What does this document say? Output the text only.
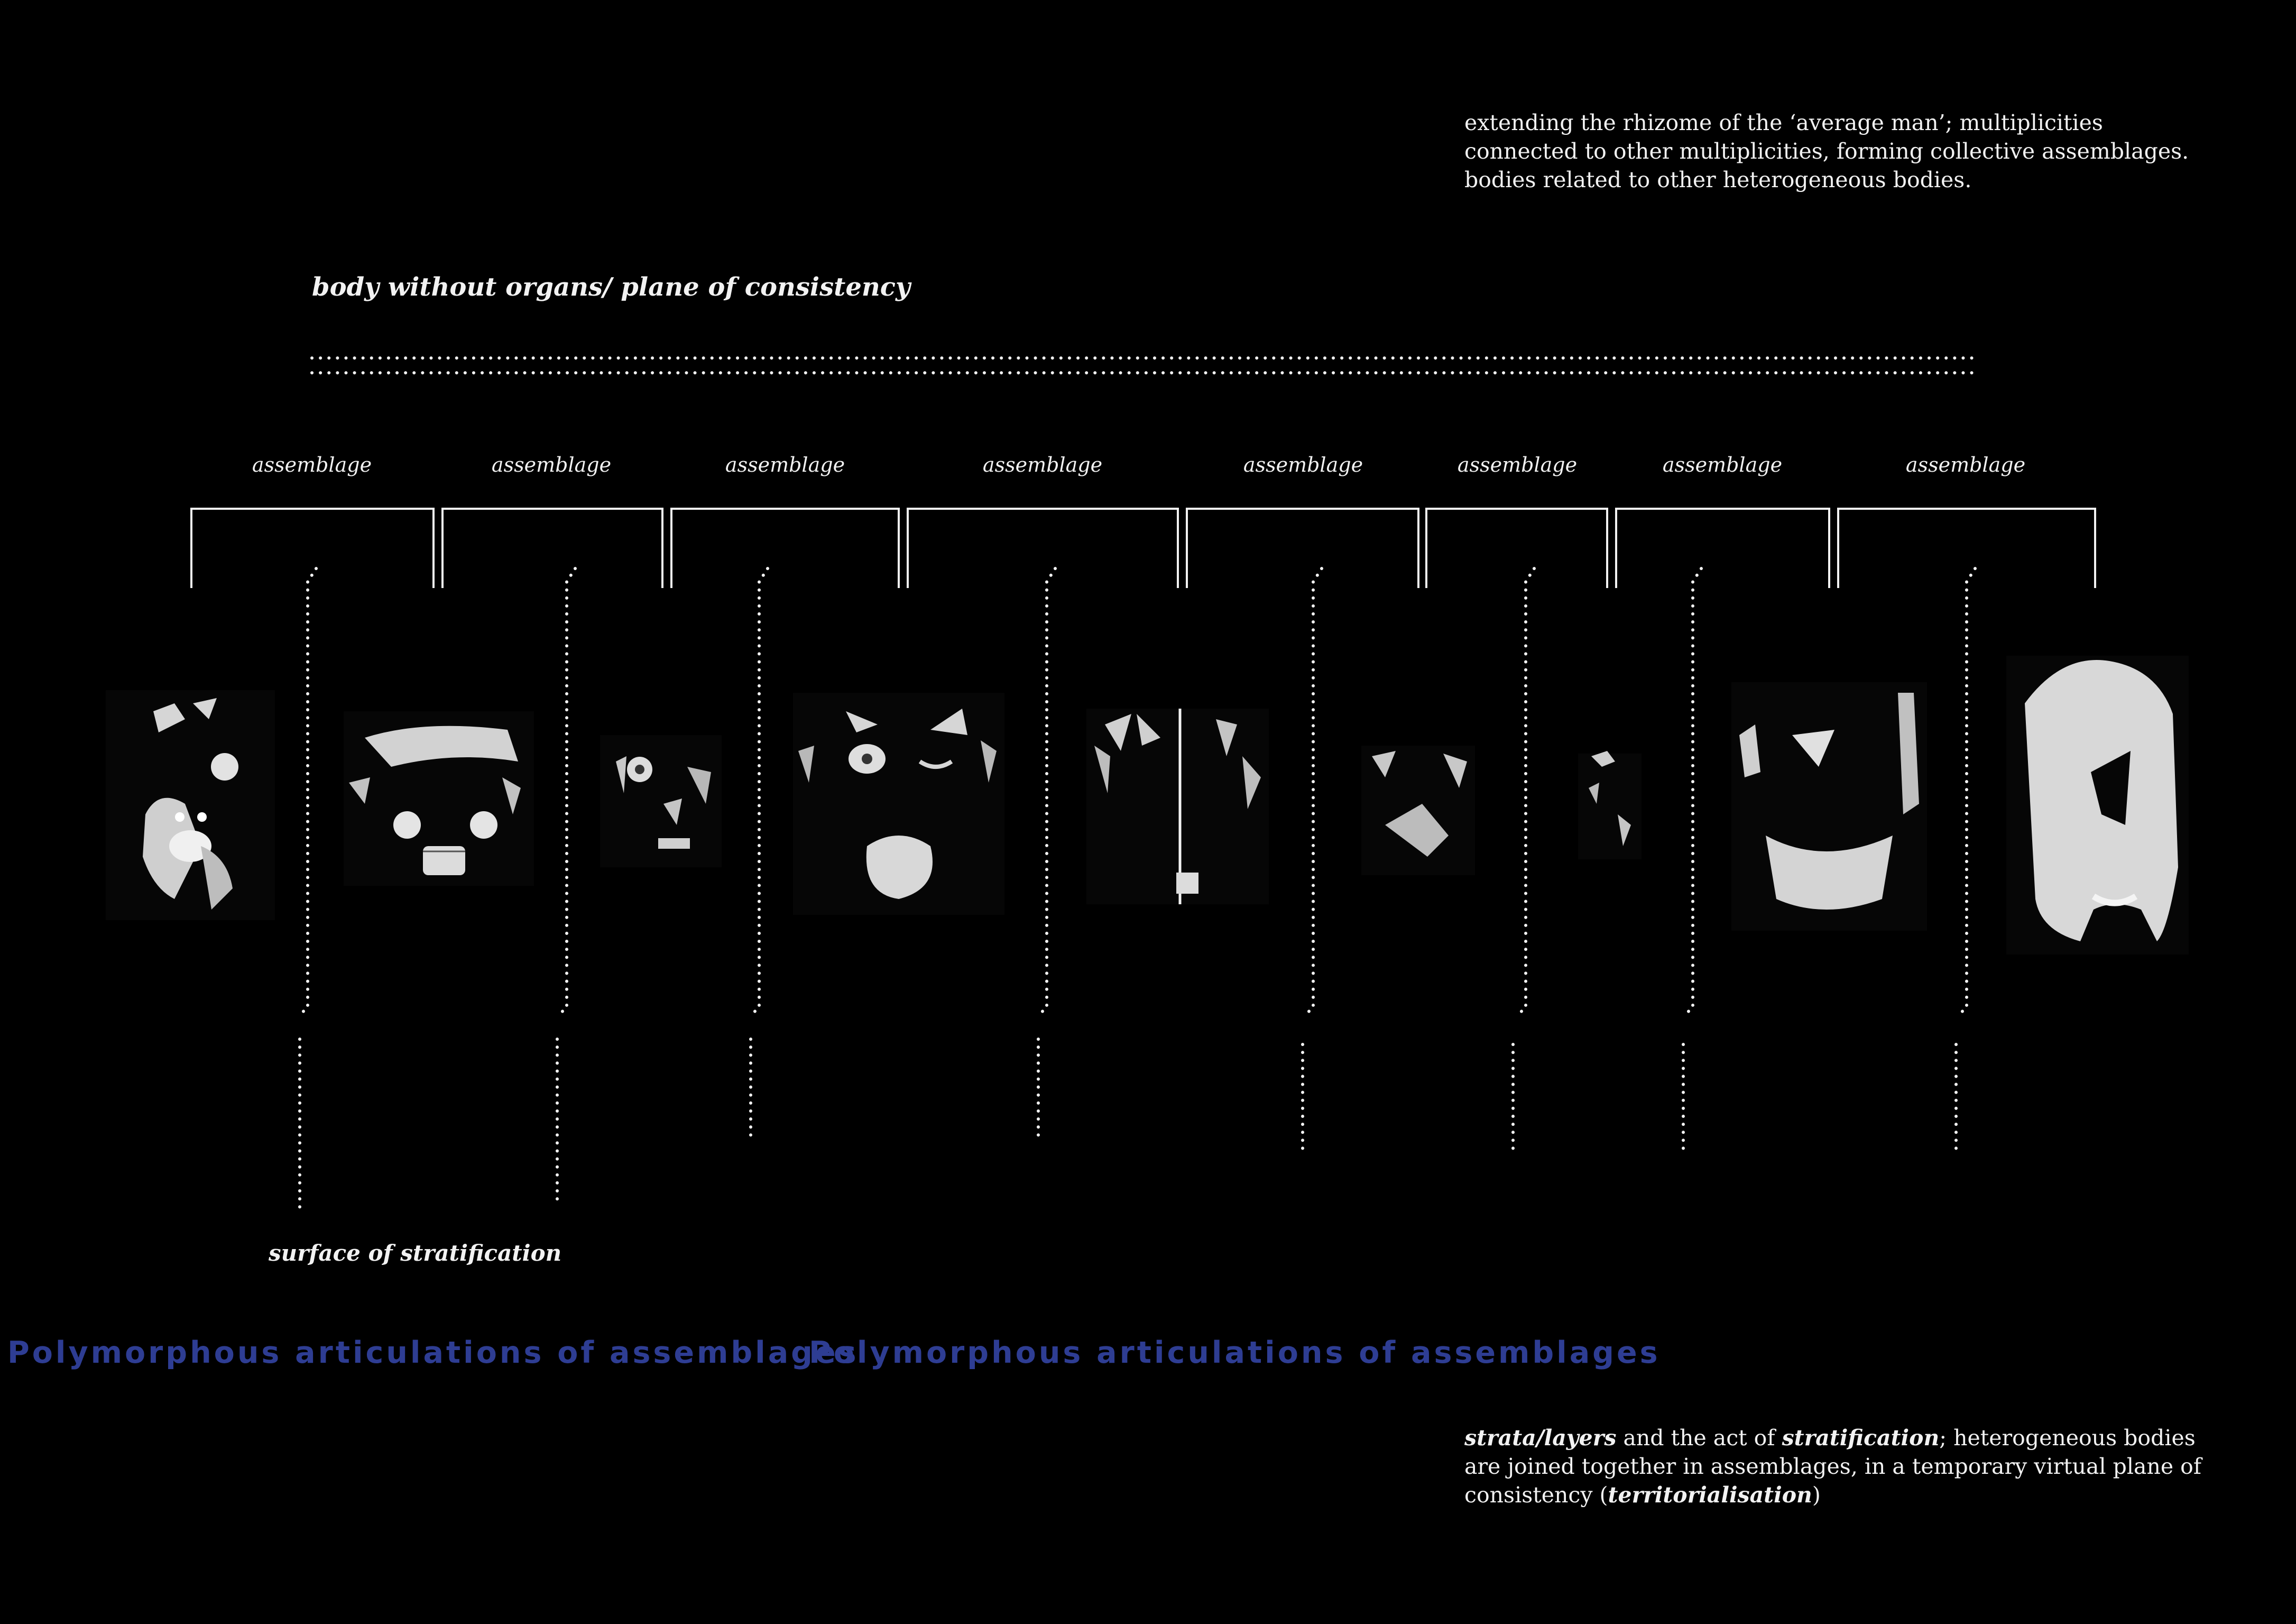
extending the rhizome of the ‘average man’; multiplicities connected to other multiplicities, forming collective assemblages. bodies related to other heterogeneous bodies.
body without organs/ plane of consistency
assemblage	assemblage	assemblage	assemblage	assemblage	assemblage	assemblage	assemblage
surface of stratification
Polymorphous articulations of assemblages
Polymorphous articulations of assemblages
strata/layers and the act of stratification; heterogeneous bodies are joined together in assemblages, in a temporary virtual plane of consistency (territorialisation)
